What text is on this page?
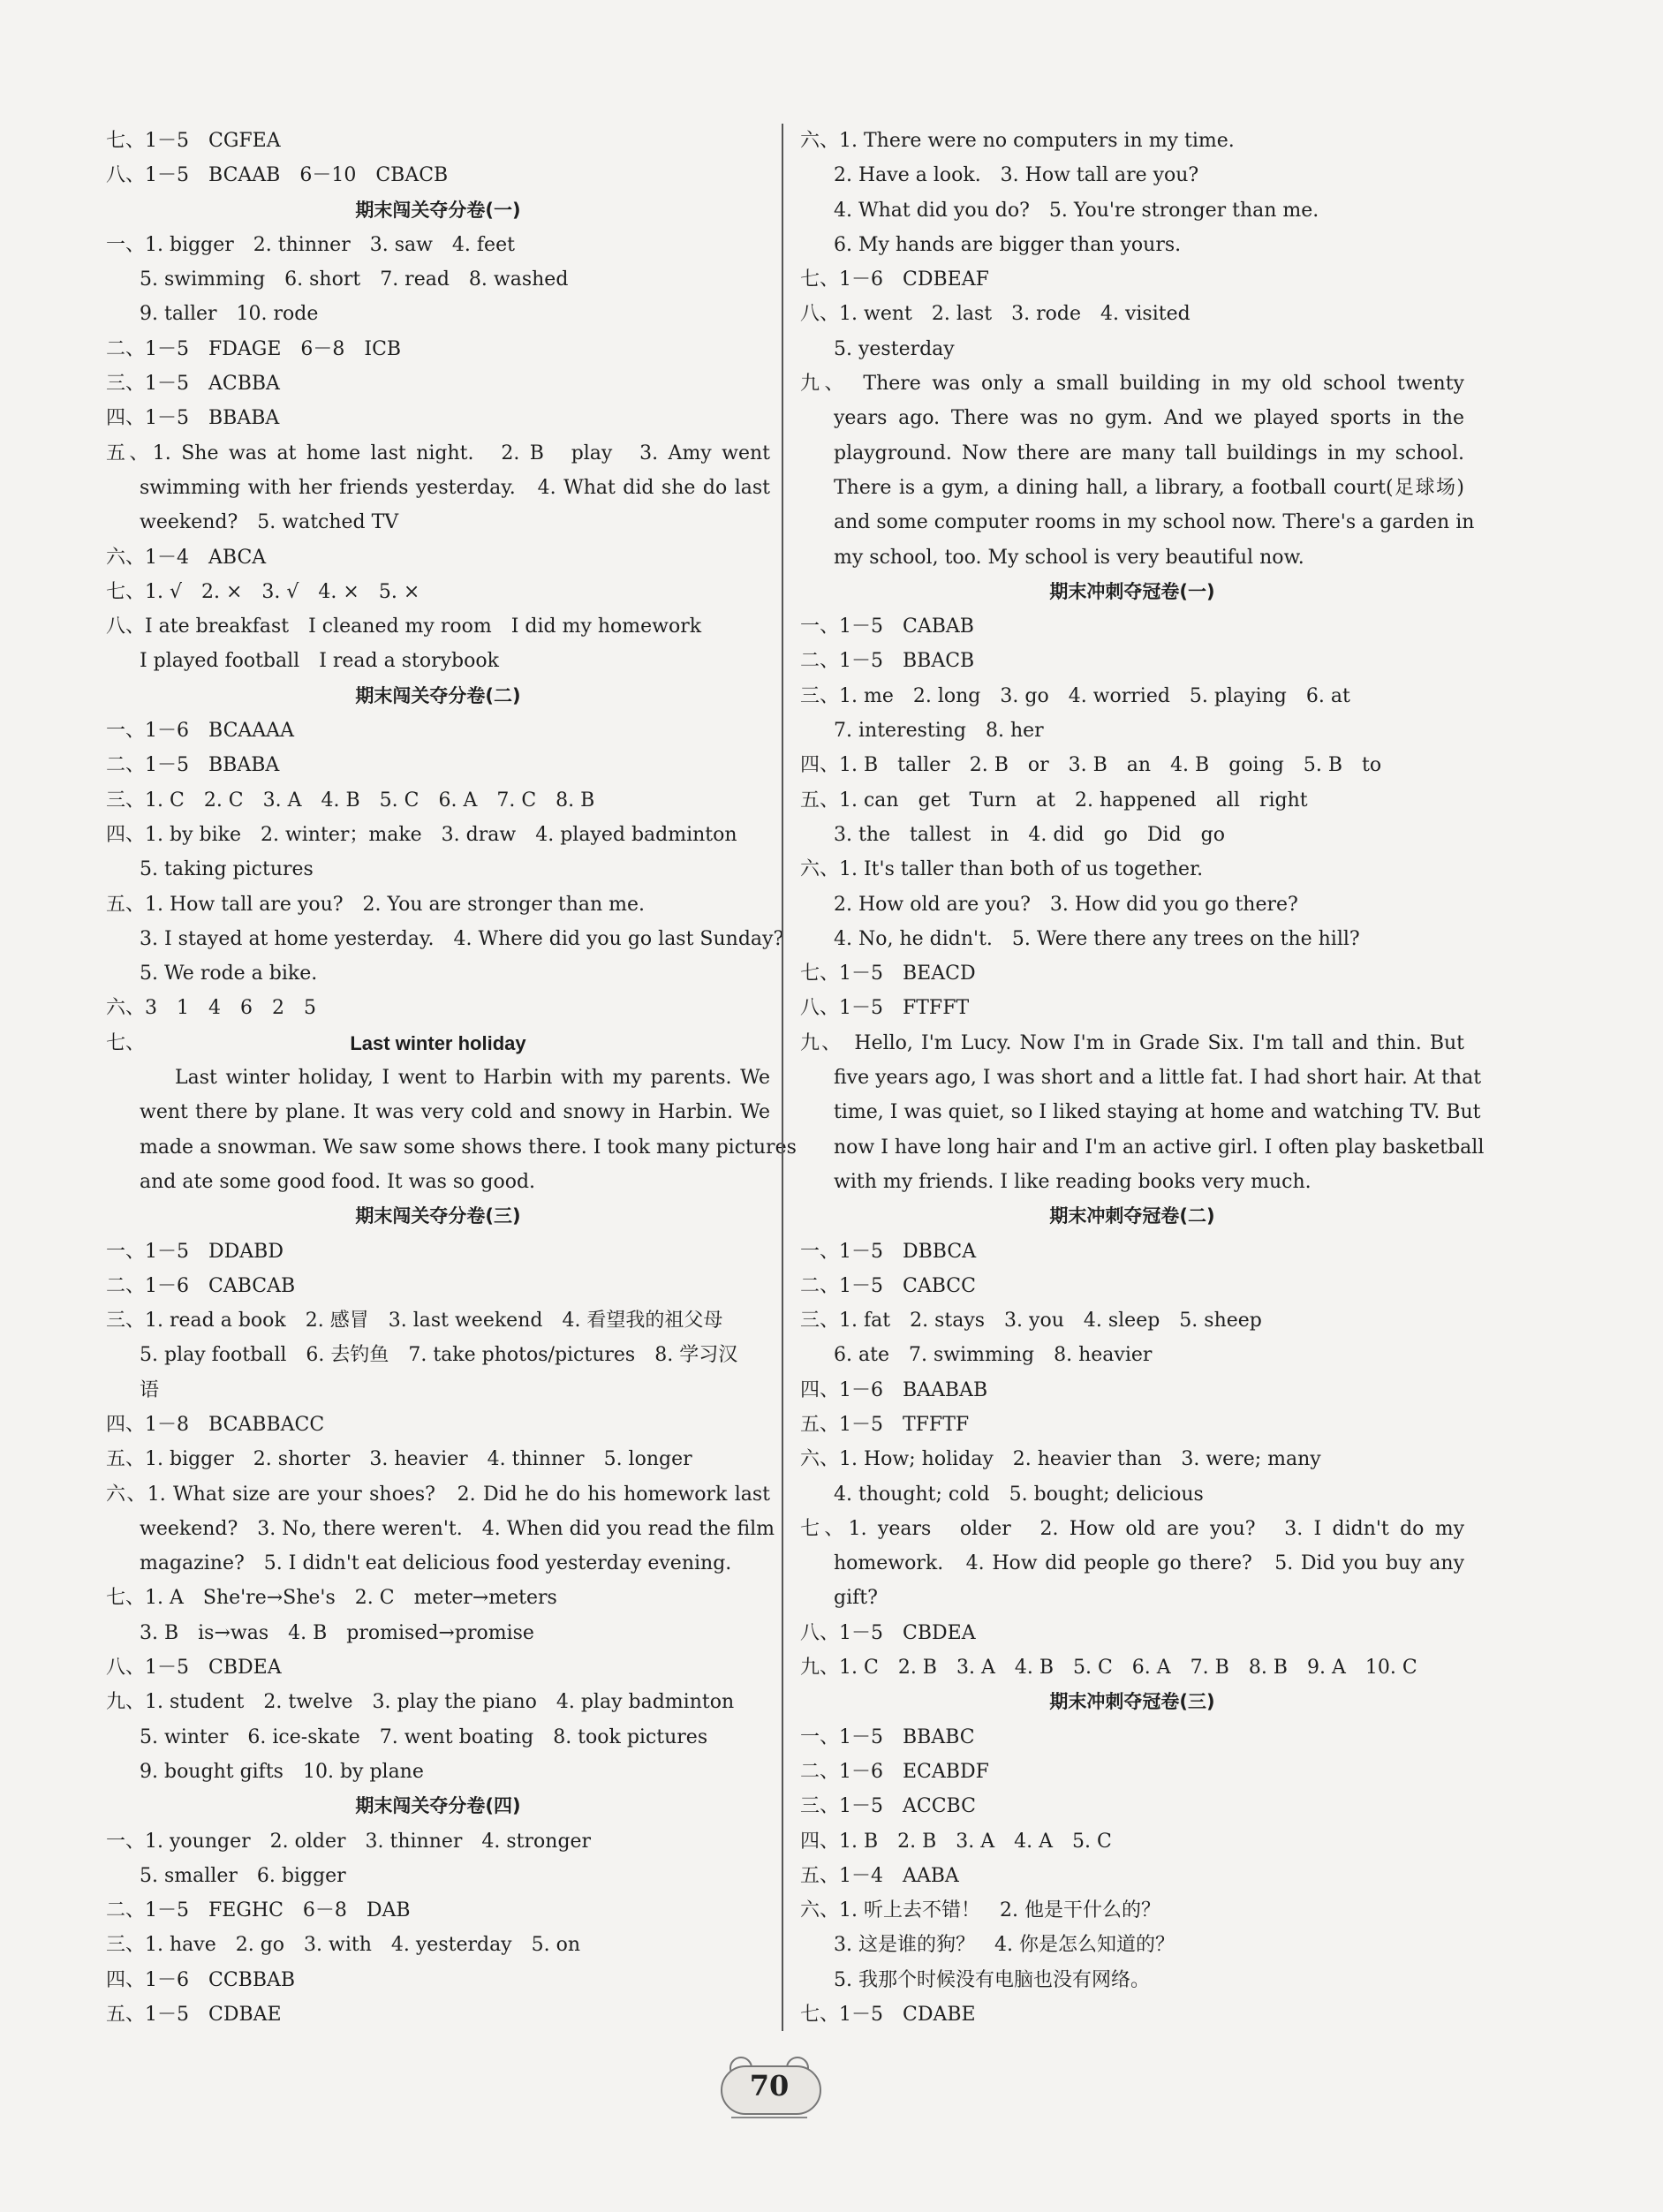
七、1－5　CGFEA
八、1－5　BCAAB　6－10　CBACB
期末闯关夺分卷(一)
一、1. bigger　2. thinner　3. saw　4. feet
5. swimming　6. short　7. read　8. washed
9. taller　10. rode
二、1－5　FDAGE　6－8　ICB
三、1－5　ACBBA
四、1－5　BBABA
五、1. She was at home last night.　2. B　play　3. Amy went
swimming with her friends yesterday.　4. What did she do last
weekend?　5. watched TV
六、1－4　ABCA
七、1. √　2. ×　3. √　4. ×　5. ×
八、I ate breakfast　I cleaned my room　I did my homework
I played football　I read a storybook
期末闯关夺分卷(二)
一、1－6　BCAAAA
二、1－5　BBABA
三、1. C　2. C　3. A　4. B　5. C　6. A　7. C　8. B
四、1. by bike　2. winter；make　3. draw　4. played badminton
5. taking pictures
五、1. How tall are you?　2. You are stronger than me.
3. I stayed at home yesterday.　4. Where did you go last Sunday?
5. We rode a bike.
六、3　1　4　6　2　5
七、	Last winter holiday
Last winter holiday, I went to Harbin with my parents. We
went there by plane. It was very cold and snowy in Harbin. We
made a snowman. We saw some shows there. I took many pictures
and ate some good food. It was so good.
期末闯关夺分卷(三)
一、1－5　DDABD
二、1－6　CABCAB
三、1. read a book　2. 感冒　3. last weekend　4. 看望我的祖父母
5. play football　6. 去钓鱼　7. take photos/pictures　8. 学习汉
语
四、1－8　BCABBACC
五、1. bigger　2. shorter　3. heavier　4. thinner　5. longer
六、1. What size are your shoes?　2. Did he do his homework last
weekend?　3. No, there weren't.　4. When did you read the film
magazine?　5. I didn't eat delicious food yesterday evening.
七、1. A　She're→She's　2. C　meter→meters
3. B　is→was　4. B　promised→promise
八、1－5　CBDEA
九、1. student　2. twelve　3. play the piano　4. play badminton
5. winter　6. ice-skate　7. went boating　8. took pictures
9. bought gifts　10. by plane
期末闯关夺分卷(四)
一、1. younger　2. older　3. thinner　4. stronger
5. smaller　6. bigger
二、1－5　FEGHC　6－8　DAB
三、1. have　2. go　3. with　4. yesterday　5. on
四、1－6　CCBBAB
五、1－5　CDBAE
六、1. There were no computers in my time.
2. Have a look.　3. How tall are you?
4. What did you do?　5. You're stronger than me.
6. My hands are bigger than yours.
七、1－6　CDBEAF
八、1. went　2. last　3. rode　4. visited
5. yesterday
九、　There was only a small building in my old school twenty
years ago. There was no gym. And we played sports in the
playground. Now there are many tall buildings in my school.
There is a gym, a dining hall, a library, a football court(足球场)
and some computer rooms in my school now. There's a garden in
my school, too. My school is very beautiful now.
期末冲刺夺冠卷(一)
一、1－5　CABAB
二、1－5　BBACB
三、1. me　2. long　3. go　4. worried　5. playing　6. at
7. interesting　8. her
四、1. B　taller　2. B　or　3. B　an　4. B　going　5. B　to
五、1. can　get　Turn　at　2. happened　all　right
3. the　tallest　in　4. did　go　Did　go
六、1. It's taller than both of us together.
2. How old are you?　3. How did you go there?
4. No, he didn't.　5. Were there any trees on the hill?
七、1－5　BEACD
八、1－5　FTFFT
九、　Hello, I'm Lucy. Now I'm in Grade Six. I'm tall and thin. But
five years ago, I was short and a little fat. I had short hair. At that
time, I was quiet, so I liked staying at home and watching TV. But
now I have long hair and I'm an active girl. I often play basketball
with my friends. I like reading books very much.
期末冲刺夺冠卷(二)
一、1－5　DBBCA
二、1－5　CABCC
三、1. fat　2. stays　3. you　4. sleep　5. sheep
6. ate　7. swimming　8. heavier
四、1－6　BAABAB
五、1－5　TFFTF
六、1. How; holiday　2. heavier than　3. were; many
4. thought; cold　5. bought; delicious
七、1. years　older　2. How old are you?　3. I didn't do my
homework.　4. How did people go there?　5. Did you buy any
gift?
八、1－5　CBDEA
九、1. C　2. B　3. A　4. B　5. C　6. A　7. B　8. B　9. A　10. C
期末冲刺夺冠卷(三)
一、1－5　BBABC
二、1－6　ECABDF
三、1－5　ACCBC
四、1. B　2. B　3. A　4. A　5. C
五、1－4　AABA
六、1. 听上去不错！　2. 他是干什么的？
3. 这是谁的狗？　4. 你是怎么知道的？
5. 我那个时候没有电脑也没有网络。
七、1－5　CDABE
70
